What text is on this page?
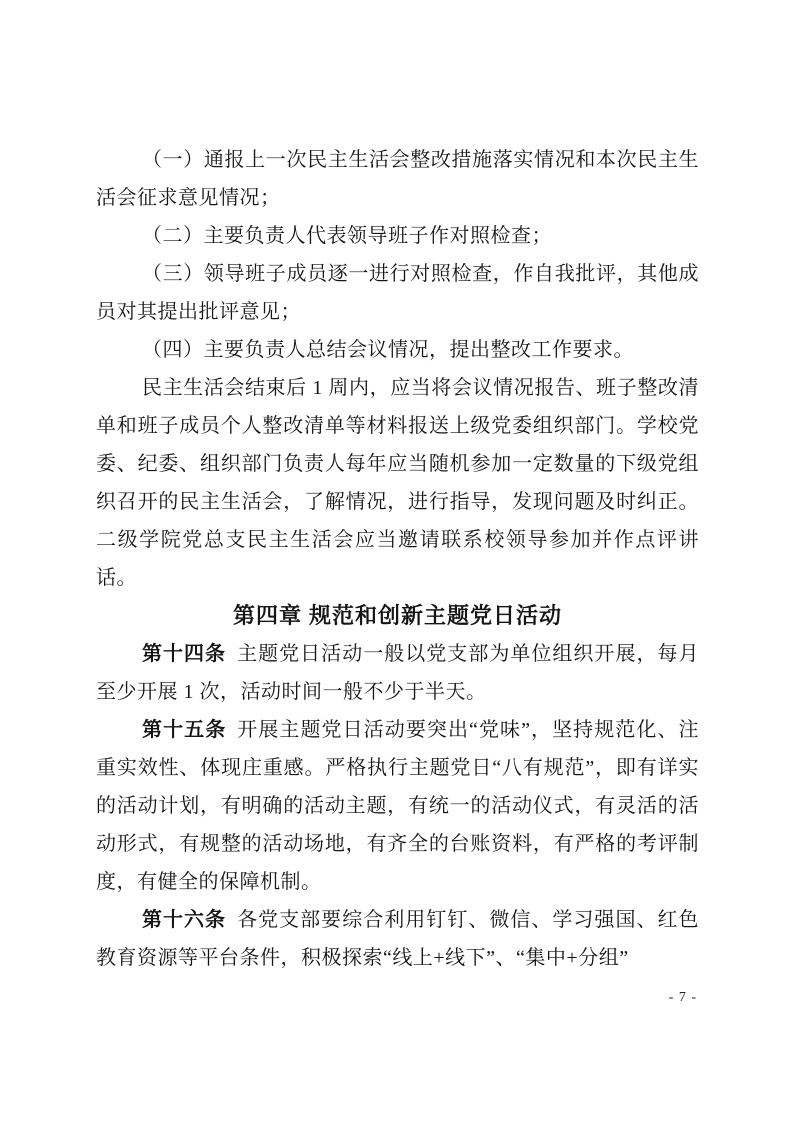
（一）通报上一次民主生活会整改措施落实情况和本次民主生活会征求意见情况；

（二）主要负责人代表领导班子作对照检查；

（三）领导班子成员逐一进行对照检查，作自我批评，其他成员对其提出批评意见；

（四）主要负责人总结会议情况，提出整改工作要求。

民主生活会结束后 1 周内，应当将会议情况报告、班子整改清单和班子成员个人整改清单等材料报送上级党委组织部门。学校党委、纪委、组织部门负责人每年应当随机参加一定数量的下级党组织召开的民主生活会，了解情况，进行指导，发现问题及时纠正。二级学院党总支民主生活会应当邀请联系校领导参加并作点评讲话。

第四章 规范和创新主题党日活动

第十四条 主题党日活动一般以党支部为单位组织开展，每月至少开展 1 次，活动时间一般不少于半天。

第十五条 开展主题党日活动要突出“党味”，坚持规范化、注重实效性、体现庄重感。严格执行主题党日“八有规范”，即有详实的活动计划，有明确的活动主题，有统一的活动仪式，有灵活的活动形式，有规整的活动场地，有齐全的台账资料，有严格的考评制度，有健全的保障机制。

第十六条 各党支部要综合利用钉钉、微信、学习强国、红色教育资源等平台条件，积极探索“线上+线下”、“集中+分组”

- 7 -
